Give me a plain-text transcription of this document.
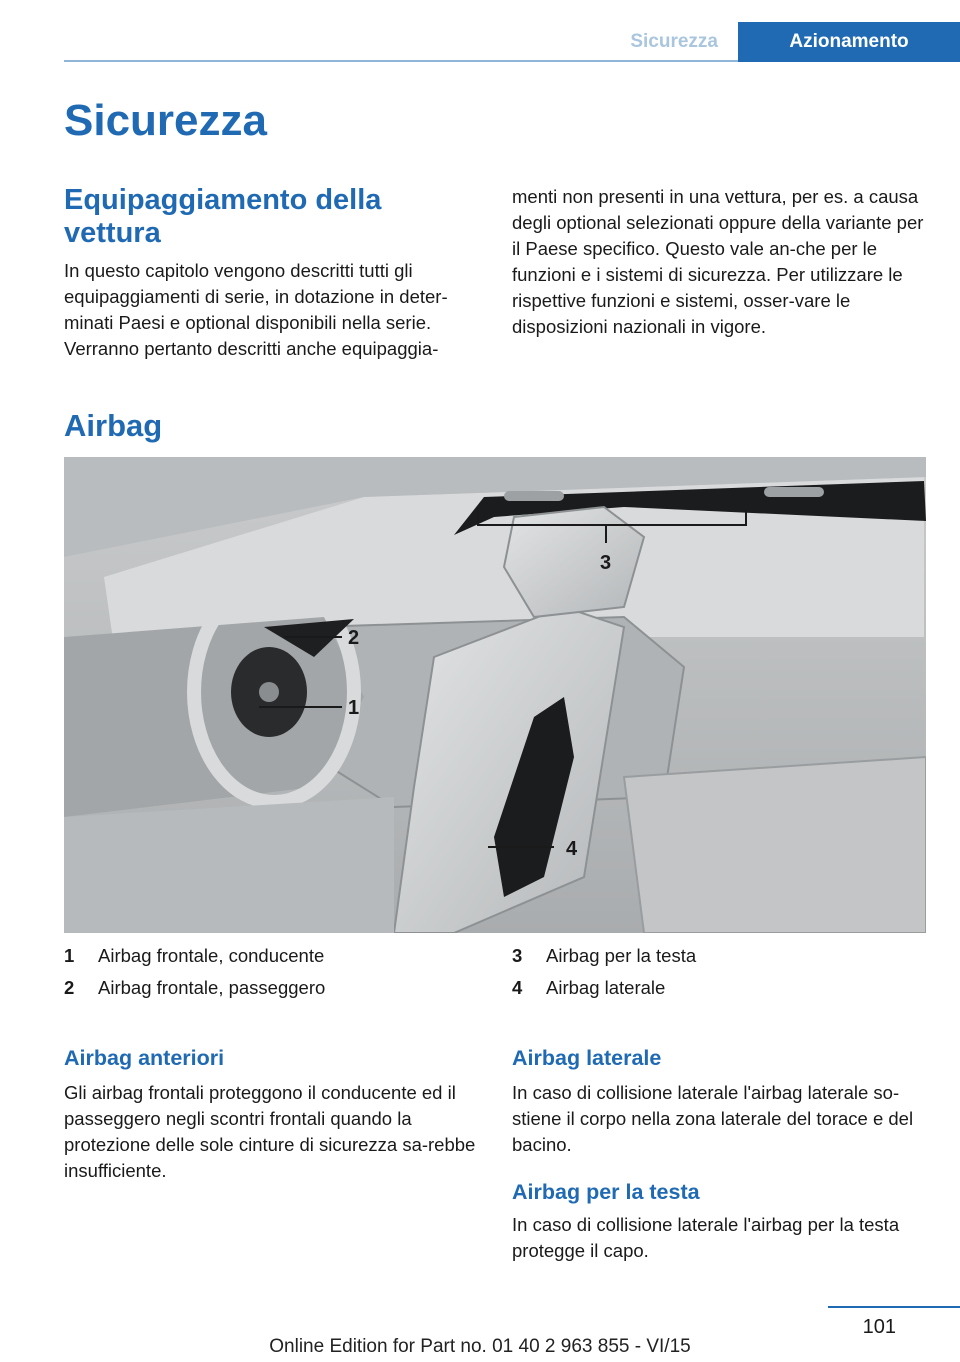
Sicurezza	Azionamento
Sicurezza
Equipaggiamento della vettura

In questo capitolo vengono descritti tutti gli equipaggiamenti di serie, in dotazione in deter-minati Paesi e optional disponibili nella serie. Verranno pertanto descritti anche equipaggia-

menti non presenti in una vettura, per es. a causa degli optional selezionati oppure della variante per il Paese specifico. Questo vale an-che per le funzioni e i sistemi di sicurezza. Per utilizzare le rispettive funzioni e sistemi, osser-vare le disposizioni nazionali in vigore.

Airbag
1
2
3
4
1 Airbag frontale, conducente
2 Airbag frontale, passeggero
3 Airbag per la testa
4 Airbag laterale
Airbag anteriori

Gli airbag frontali proteggono il conducente ed il passeggero negli scontri frontali quando la protezione delle sole cinture di sicurezza sa-rebbe insufficiente.

Airbag laterale

In caso di collisione laterale l'airbag laterale so-stiene il corpo nella zona laterale del torace e del bacino.

Airbag per la testa

In caso di collisione laterale l'airbag per la testa protegge il capo.

101
Online Edition for Part no. 01 40 2 963 855 - VI/15
